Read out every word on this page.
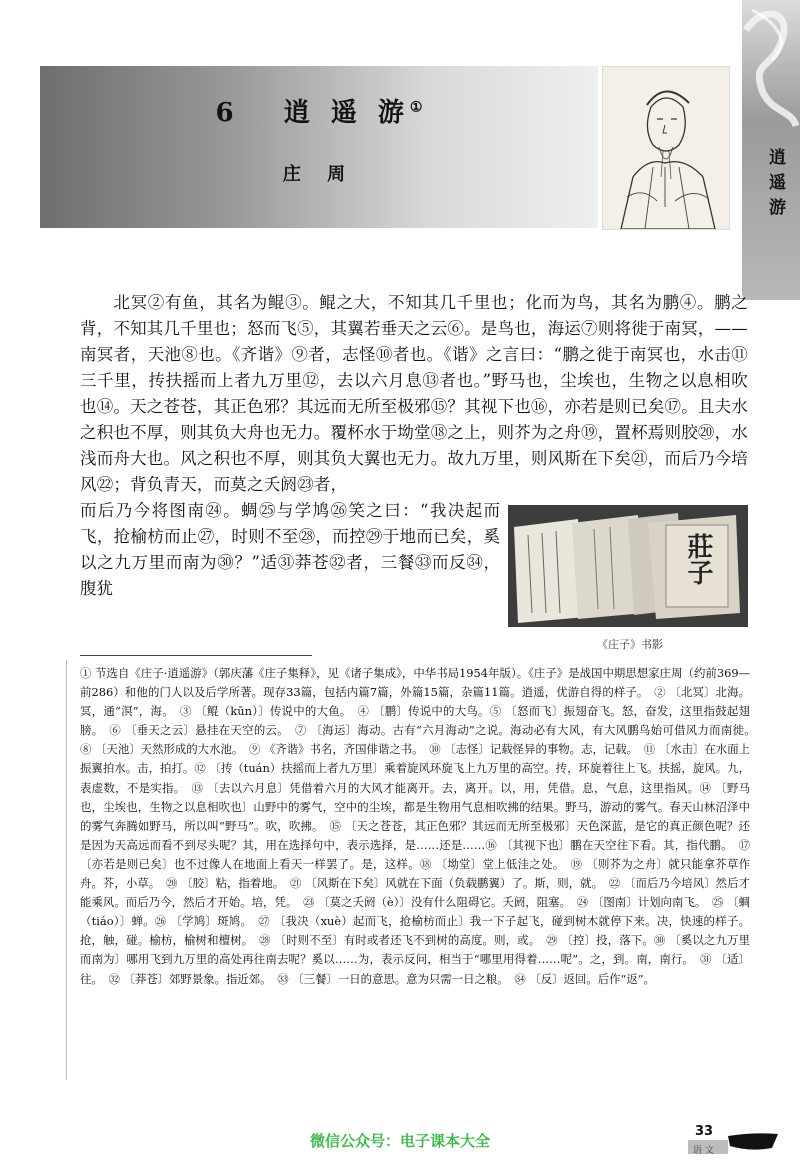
逍遥游
6 逍 遥 游①
庄 周
北冥②有鱼，其名为鲲③。鲲之大，不知其几千里也；化而为鸟，其名为鹏④。鹏之背，不知其几千里也；怒而飞⑤，其翼若垂天之云⑥。是鸟也，海运⑦则将徙于南冥，——南冥者，天池⑧也。《齐谐》⑨者，志怪⑩者也。《谐》之言曰：“鹏之徙于南冥也，水击⑪三千里，抟扶摇而上者九万里⑫，去以六月息⑬者也。”野马也，尘埃也，生物之以息相吹也⑭。天之苍苍，其正色邪？其远而无所至极邪⑮？其视下也⑯，亦若是则已矣⑰。且夫水之积也不厚，则其负大舟也无力。覆杯水于坳堂⑱之上，则芥为之舟⑲，置杯焉则胶⑳，水浅而舟大也。风之积也不厚，则其负大翼也无力。故九万里，则风斯在下矣㉑，而后乃今培风㉒；背负青天，而莫之夭阏㉓者，
而后乃今将图南㉔。蜩㉕与学鸠㉖笑之曰：“我决起而飞，抢榆枋而止㉗，时则不至㉘，而控㉙于地而已矣，奚以之九万里而南为㉚？”适㉛莽苍㉜者，三餐㉝而反㉞，腹犹
莊子
《庄子》书影
① 节选自《庄子·逍遥游》（郭庆藩《庄子集释》，见《诸子集成》，中华书局1954年版）。《庄子》是战国中期思想家庄周（约前369—前286）和他的门人以及后学所著。现存33篇，包括内篇7篇，外篇15篇，杂篇11篇。逍遥，优游自得的样子。　② 〔北冥〕北海。冥，通“溟”，海。　③ 〔鲲（kūn）〕传说中的大鱼。　④ 〔鹏〕传说中的大鸟。⑤ 〔怒而飞〕振翅奋飞。怒，奋发，这里指鼓起翅膀。　⑥ 〔垂天之云〕悬挂在天空的云。　⑦ 〔海运〕海动。古有“六月海动”之说。海动必有大风，有大风鹏鸟始可借风力而南徙。　⑧ 〔天池〕天然形成的大水池。　⑨ 《齐谐》书名，齐国俳谐之书。　⑩ 〔志怪〕记载怪异的事物。志，记载。　⑪ 〔水击〕在水面上振翼拍水。击，拍打。⑫ 〔抟（tuán）扶摇而上者九万里〕乘着旋风环旋飞上九万里的高空。抟，环旋着往上飞。扶摇，旋风。九，表虚数，不是实指。　⑬ 〔去以六月息〕凭借着六月的大风才能离开。去，离开。以，用，凭借。息，气息，这里指风。⑭ 〔野马也，尘埃也，生物之以息相吹也〕山野中的雾气，空中的尘埃，都是生物用气息相吹拂的结果。野马，游动的雾气。春天山林沼泽中的雾气奔腾如野马，所以叫“野马”。吹，吹拂。　⑮ 〔天之苍苍，其正色邪？其远而无所至极邪〕天色深蓝，是它的真正颜色呢？还是因为天高远而看不到尽头呢？其，用在选择句中，表示选择，是……还是……⑯ 〔其视下也〕鹏在天空往下看。其，指代鹏。　⑰ 〔亦若是则已矣〕也不过像人在地面上看天一样罢了。是，这样。⑱ 〔坳堂〕堂上低洼之处。　⑲ 〔则芥为之舟〕就只能拿芥草作舟。芥，小草。　⑳ 〔胶〕粘，指着地。　㉑ 〔风斯在下矣〕风就在下面（负载鹏翼）了。斯，则，就。　㉒ 〔而后乃今培风〕然后才能乘风。而后乃今，然后才开始。培，凭。　㉓ 〔莫之夭阏（è）〕没有什么阻碍它。夭阏，阻塞。　㉔ 〔图南〕计划向南飞。　㉕ 〔蜩（tiáo）〕蝉。㉖ 〔学鸠〕斑鸠。　㉗ 〔我决（xuè）起而飞，抢榆枋而止〕我一下子起飞，碰到树木就停下来。决，快速的样子。抢，触，碰。榆枋，榆树和檀树。　㉘ 〔时则不至〕有时或者还飞不到树的高度。则，或。　㉙ 〔控〕投，落下。㉚ 〔奚以之九万里而南为〕哪用飞到九万里的高处再往南去呢？奚以……为，表示反问，相当于“哪里用得着……呢”。之，到。南，南行。　㉛ 〔适〕往。　㉜ 〔莽苍〕郊野景象。指近郊。　㉝ 〔三餐〕一日的意思。意为只需一日之粮。　㉞ 〔反〕返回。后作“返”。
微信公众号：电子课本大全
33
语 文
